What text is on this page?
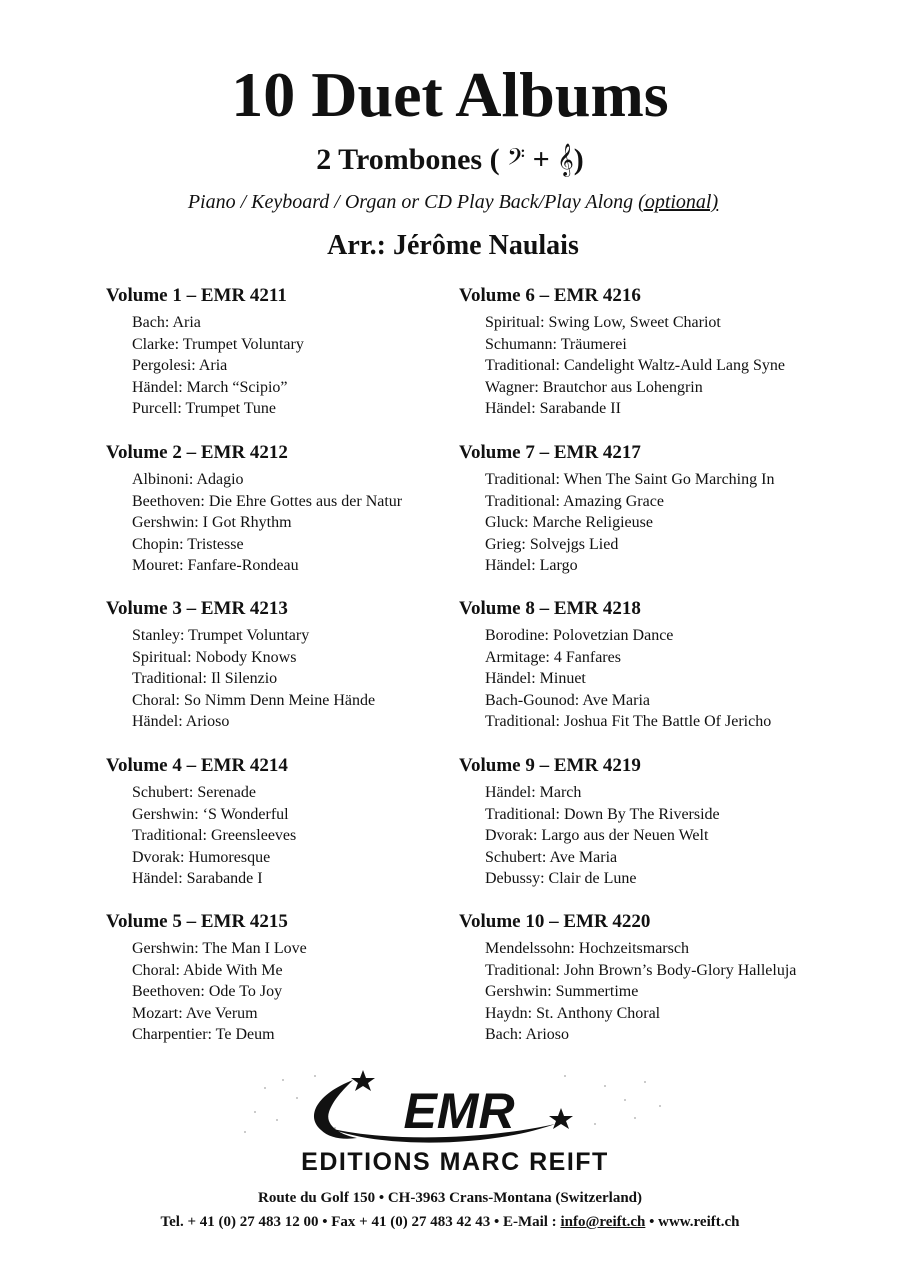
10 Duet Albums
2 Trombones ( 𝄢 + 𝄞)
Piano / Keyboard / Organ or CD Play Back/Play Along (optional)
Arr.: Jérôme Naulais
Volume 1 – EMR 4211
Bach: Aria
Clarke: Trumpet Voluntary
Pergolesi: Aria
Händel: March “Scipio”
Purcell: Trumpet Tune
Volume 2 – EMR 4212
Albinoni: Adagio
Beethoven: Die Ehre Gottes aus der Natur
Gershwin: I Got Rhythm
Chopin: Tristesse
Mouret: Fanfare-Rondeau
Volume 3 – EMR 4213
Stanley: Trumpet Voluntary
Spiritual: Nobody Knows
Traditional: Il Silenzio
Choral: So Nimm Denn Meine Hände
Händel: Arioso
Volume 4 – EMR 4214
Schubert: Serenade
Gershwin: ‘S Wonderful
Traditional: Greensleeves
Dvorak: Humoresque
Händel: Sarabande I
Volume 5 – EMR 4215
Gershwin: The Man I Love
Choral: Abide With Me
Beethoven: Ode To Joy
Mozart: Ave Verum
Charpentier: Te Deum
Volume 6 – EMR 4216
Spiritual: Swing Low, Sweet Chariot
Schumann: Träumerei
Traditional: Candelight Waltz-Auld Lang Syne
Wagner: Brautchor aus Lohengrin
Händel: Sarabande II
Volume 7 – EMR 4217
Traditional: When The Saint Go Marching In
Traditional: Amazing Grace
Gluck: Marche Religieuse
Grieg: Solvejgs Lied
Händel: Largo
Volume 8 – EMR 4218
Borodine: Polovetzian Dance
Armitage: 4 Fanfares
Händel: Minuet
Bach-Gounod: Ave Maria
Traditional: Joshua Fit The Battle Of Jericho
Volume 9 – EMR 4219
Händel: March
Traditional: Down By The Riverside
Dvorak: Largo aus der Neuen Welt
Schubert: Ave Maria
Debussy: Clair de Lune
Volume 10 – EMR 4220
Mendelssohn: Hochzeitsmarsch
Traditional: John Brown’s Body-Glory Halleluja
Gershwin: Summertime
Haydn: St. Anthony Choral
Bach: Arioso
EMR
EDITIONS MARC REIFT
Route du Golf 150 • CH-3963 Crans-Montana (Switzerland)
Tel. + 41 (0) 27 483 12 00 • Fax + 41 (0) 27 483 42 43 • E-Mail : info@reift.ch • www.reift.ch
